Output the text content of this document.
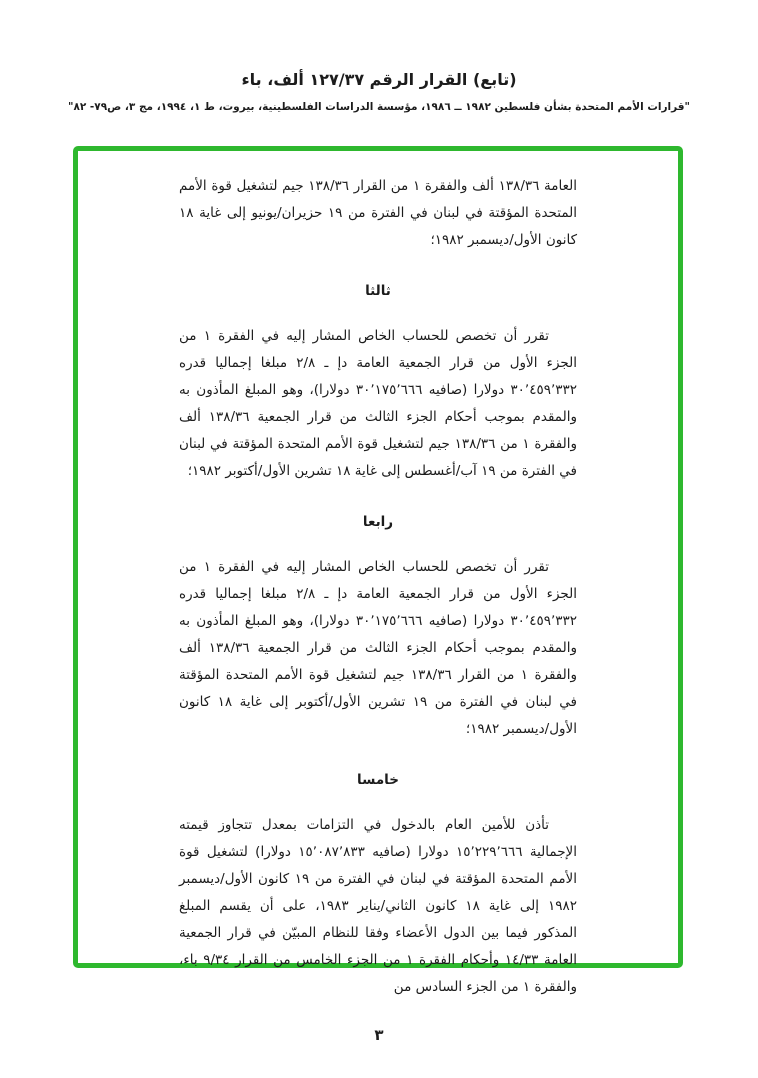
(تابع) القرار الرقم ١٢٧/٣٧ ألف، باء
"قرارات الأمم المتحدة بشأن فلسطين ١٩٨٢ ــ ١٩٨٦، مؤسسة الدراسات الفلسطينية، بيروت، ط ١، ١٩٩٤، مج ٣، ص٧٩- ٨٢"

العامة ١٣٨/٣٦ ألف والفقرة ١ من القرار ١٣٨/٣٦ جيم لتشغيل قوة الأمم المتحدة المؤقتة في لبنان في الفترة من ١٩ حزيران/يونيو إلى غاية ١٨ كانون الأول/ديسمبر ١٩٨٢؛

ثالثا

تقرر أن تخصص للحساب الخاص المشار إليه في الفقرة ١ من الجزء الأول من قرار الجمعية العامة دإ ـ ٢/٨ مبلغا إجماليا قدره ٣٠٬٤٥٩٬٣٣٢ دولارا (صافيه ٣٠٬١٧٥٬٦٦٦ دولارا)، وهو المبلغ المأذون به والمقدم بموجب أحكام الجزء الثالث من قرار الجمعية ١٣٨/٣٦ ألف والفقرة ١ من ١٣٨/٣٦ جيم لتشغيل قوة الأمم المتحدة المؤقتة في لبنان في الفترة من ١٩ آب/أغسطس إلى غاية ١٨ تشرين الأول/أكتوبر ١٩٨٢؛

رابعا

تقرر أن تخصص للحساب الخاص المشار إليه في الفقرة ١ من الجزء الأول من قرار الجمعية العامة دإ ـ ٢/٨ مبلغا إجماليا قدره ٣٠٬٤٥٩٬٣٣٢ دولارا (صافيه ٣٠٬١٧٥٬٦٦٦ دولارا)، وهو المبلغ المأذون به والمقدم بموجب أحكام الجزء الثالث من قرار الجمعية ١٣٨/٣٦ ألف والفقرة ١ من القرار ١٣٨/٣٦ جيم لتشغيل قوة الأمم المتحدة المؤقتة في لبنان في الفترة من ١٩ تشرين الأول/أكتوبر إلى غاية ١٨ كانون الأول/ديسمبر ١٩٨٢؛

خامسا

تأذن للأمين العام بالدخول في التزامات بمعدل تتجاوز قيمته الإجمالية ١٥٬٢٢٩٬٦٦٦ دولارا (صافيه ١٥٬٠٨٧٬٨٣٣ دولارا) لتشغيل قوة الأمم المتحدة المؤقتة في لبنان في الفترة من ١٩ كانون الأول/ديسمبر ١٩٨٢ إلى غاية ١٨ كانون الثاني/يناير ١٩٨٣، على أن يقسم المبلغ المذكور فيما بين الدول الأعضاء وفقا للنظام المبيّن في قرار الجمعية العامة ١٤/٣٣ وأحكام الفقرة ١ من الجزء الخامس من القرار ٩/٣٤ باء، والفقرة ١ من الجزء السادس من

٣
